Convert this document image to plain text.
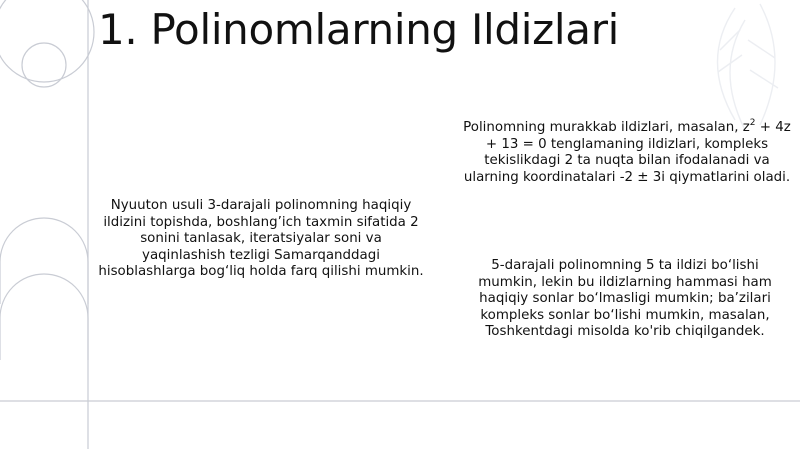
1. Polinomlarning Ildizlari

Nyuuton usuli 3-darajali polinomning haqiqiy ildizini topishda, boshlang’ich taxmin sifatida 2 sonini tanlasak, iteratsiyalar soni va yaqinlashish tezligi Samarqanddagi hisoblashlarga bog‘liq holda farq qilishi mumkin.

Polinomning murakkab ildizlari, masalan, $z^2 + 4z + 13 = 0$ tenglamaning ildizlari, kompleks tekislikdagi 2 ta nuqta bilan ifodalanadi va ularning koordinatalari -2 ± 3i qiymatlarini oladi.

5-darajali polinomning 5 ta ildizi bo‘lishi mumkin, lekin bu ildizlarning hammasi ham haqiqiy sonlar bo‘lmasligi mumkin; ba’zilari kompleks sonlar bo‘lishi mumkin, masalan, Toshkentdagi misolda ko'rib chiqilgandek.
